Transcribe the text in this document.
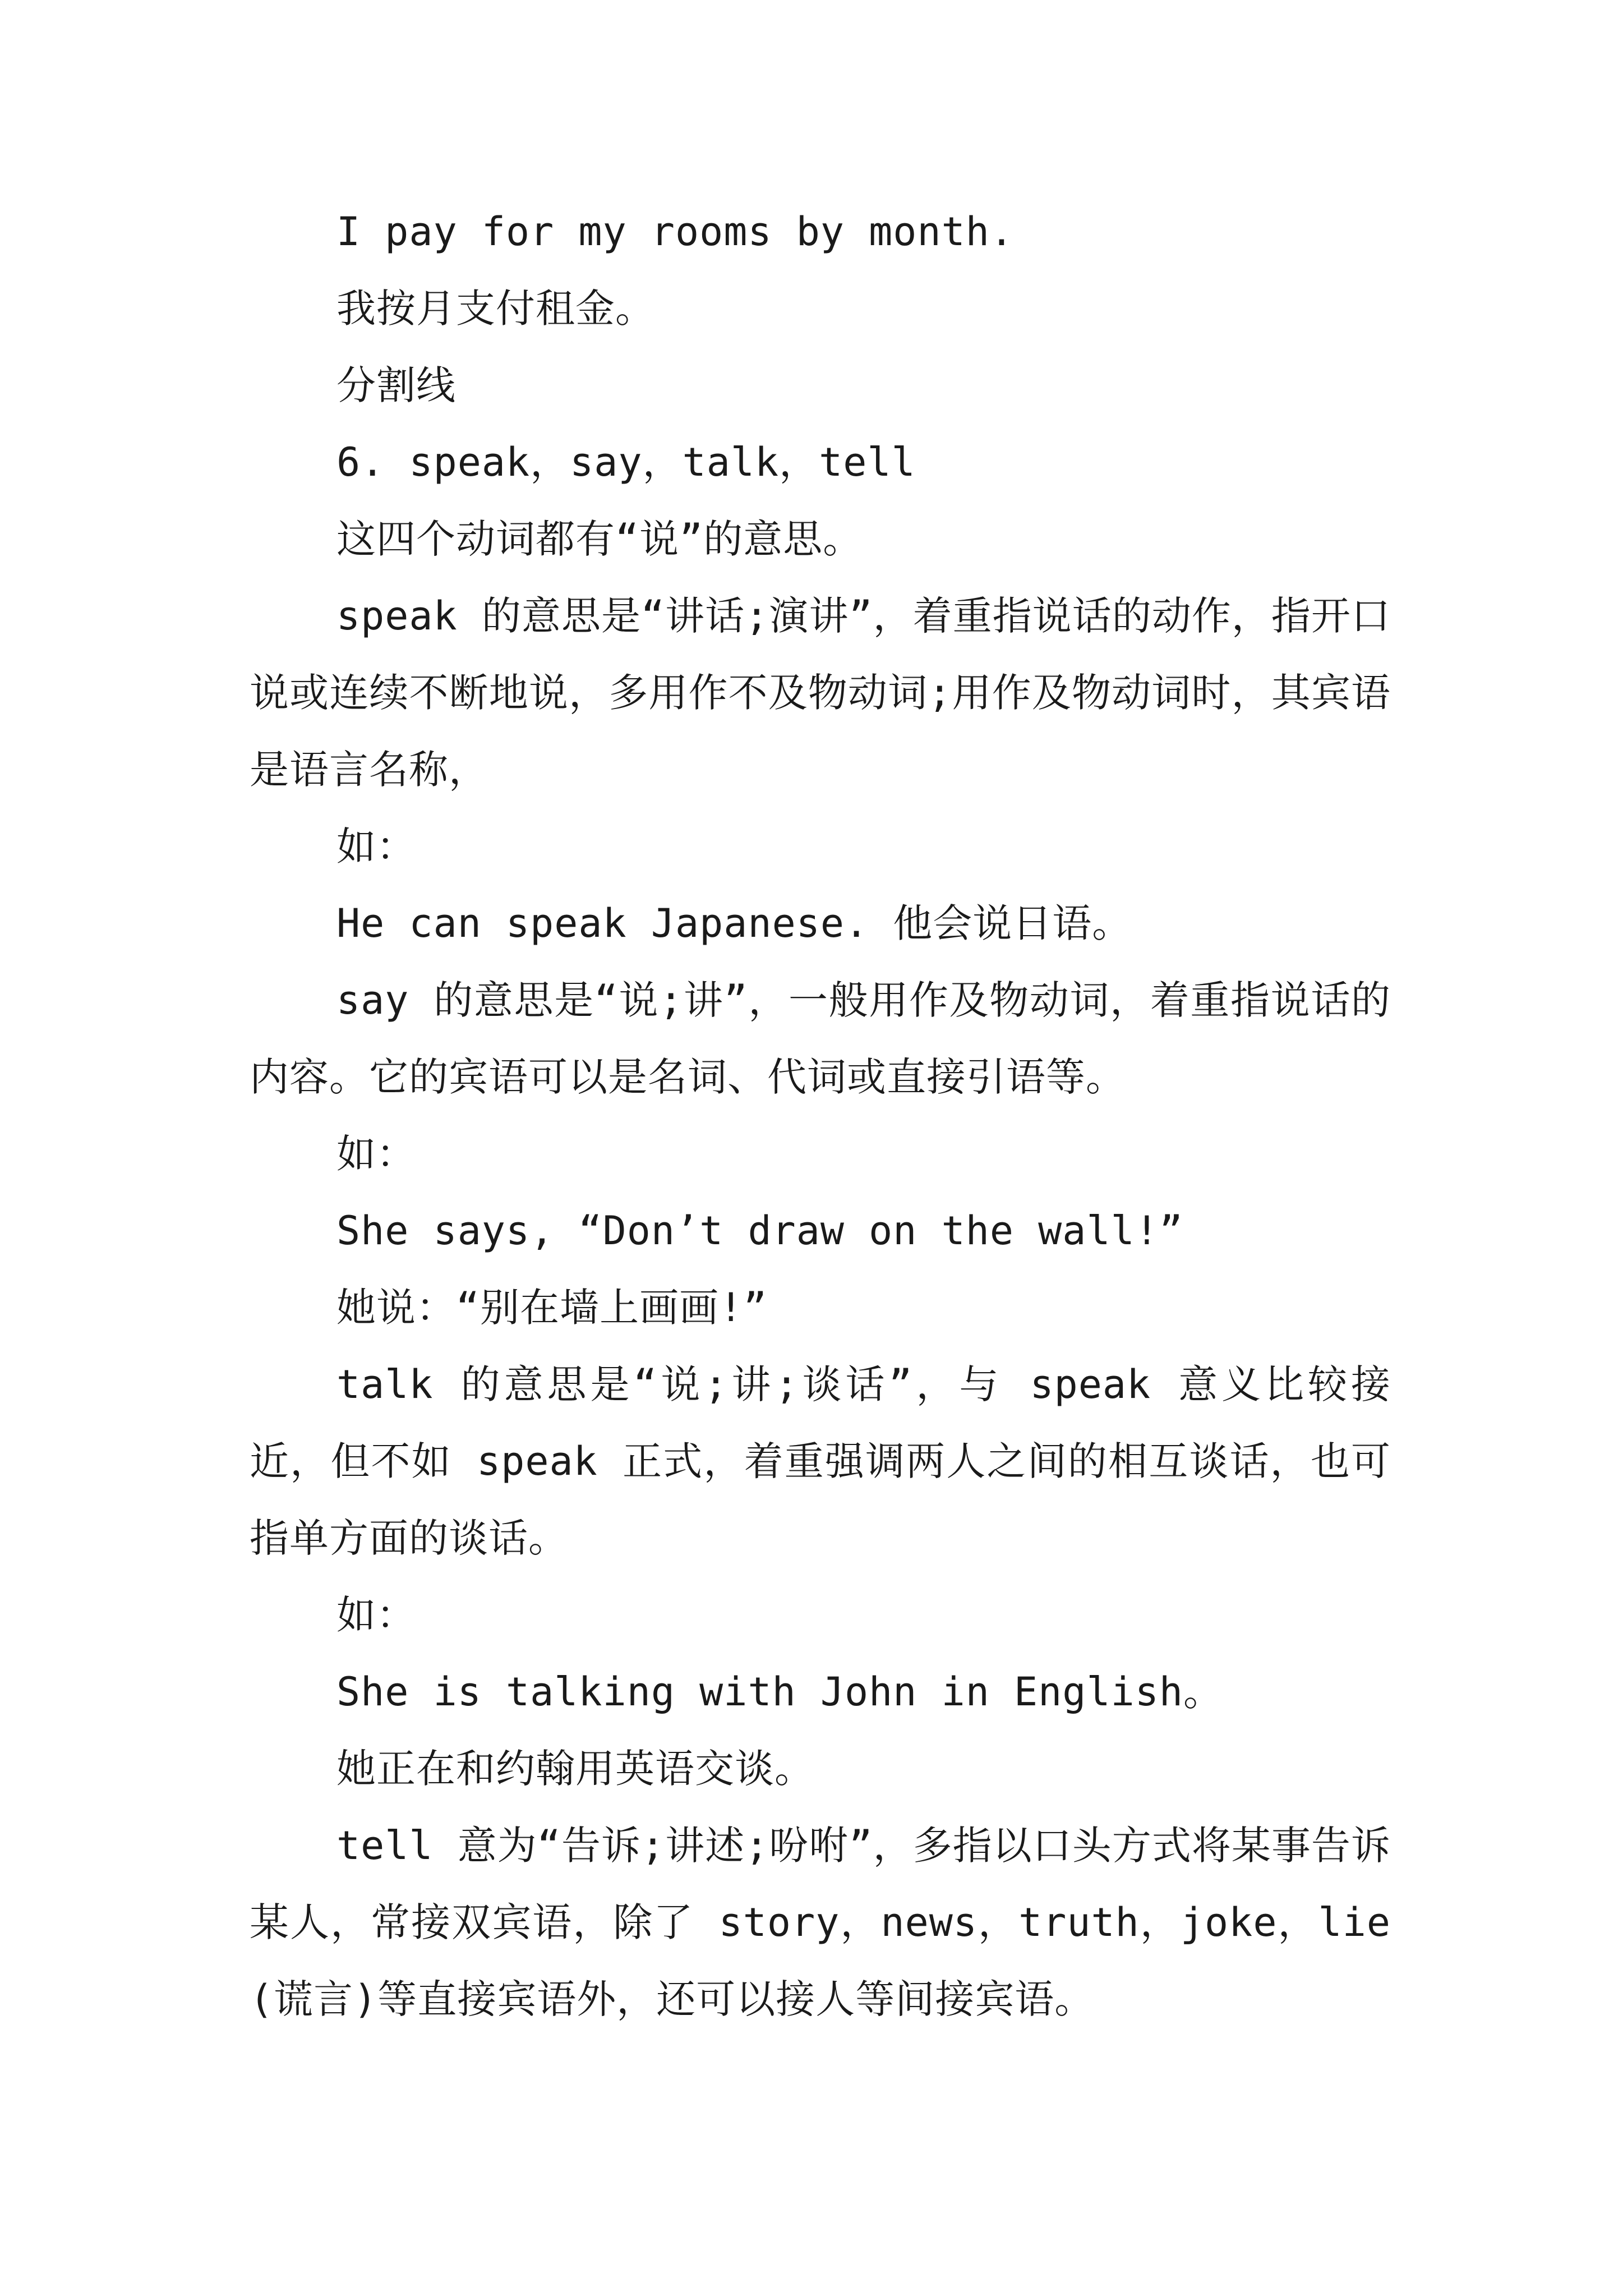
I pay for my rooms by month.

我按月支付租金。

分割线

6. speak，say，talk，tell

这四个动词都有“说”的意思。

speak 的意思是“讲话;演讲”，着重指说话的动作，指开口说或连续不断地说，多用作不及物动词;用作及物动词时，其宾语是语言名称，

如：

He can speak Japanese. 他会说日语。

say 的意思是“说;讲”，一般用作及物动词，着重指说话的内容。它的宾语可以是名词、代词或直接引语等。

如：

She says, “Don’t draw on the wall!”

她说：“别在墙上画画!”

talk 的意思是“说;讲;谈话”，与 speak 意义比较接近，但不如 speak 正式，着重强调两人之间的相互谈话，也可指单方面的谈话。

如：

She is talking with John in English。

她正在和约翰用英语交谈。

tell 意为“告诉;讲述;吩咐”，多指以口头方式将某事告诉某人，常接双宾语，除了 story，news，truth，joke，lie(谎言)等直接宾语外，还可以接人等间接宾语。
